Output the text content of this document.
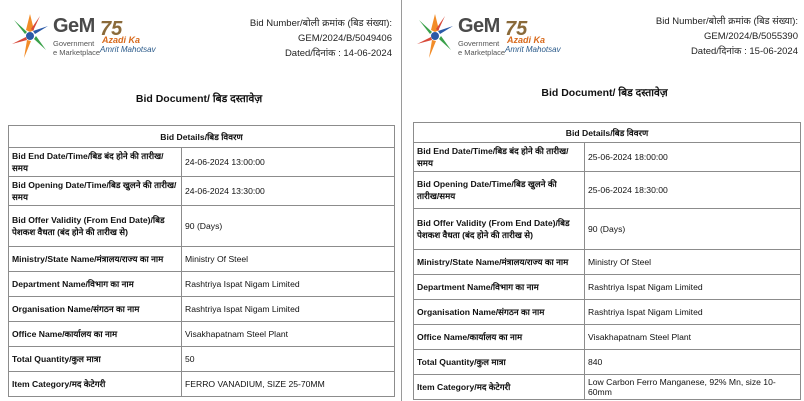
GeM
Government
e Marketplace
75
Azadi Ka
Amrit Mahotsav
Bid Number/बोली क्रमांक (बिड संख्या):
GEM/2024/B/5049406
Dated/दिनांक : 14-06-2024
Bid Document/ बिड दस्तावेज़
Bid Details/बिड विवरण	
Bid End Date/Time/बिड बंद होने की तारीख/समय	24-06-2024 13:00:00
Bid Opening Date/Time/बिड खुलने की तारीख/समय	24-06-2024 13:30:00
Bid Offer Validity (From End Date)/बिड पेशकश वैधता (बंद होने की तारीख से)	90 (Days)
Ministry/State Name/मंत्रालय/राज्य का नाम	Ministry Of Steel
Department Name/विभाग का नाम	Rashtriya Ispat Nigam Limited
Organisation Name/संगठन का नाम	Rashtriya Ispat Nigam Limited
Office Name/कार्यालय का नाम	Visakhapatnam Steel Plant
Total Quantity/कुल मात्रा	50
Item Category/मद केटेगरी	FERRO VANADIUM, SIZE 25-70MM
GeM
Government
e Marketplace
75
Azadi Ka
Amrit Mahotsav
Bid Number/बोली क्रमांक (बिड संख्या):
GEM/2024/B/5055390
Dated/दिनांक : 15-06-2024
Bid Document/ बिड दस्तावेज़
Bid Details/बिड विवरण	
Bid End Date/Time/बिड बंद होने की तारीख/समय	25-06-2024 18:00:00
Bid Opening Date/Time/बिड खुलने की तारीख/समय	25-06-2024 18:30:00
Bid Offer Validity (From End Date)/बिड पेशकश वैधता (बंद होने की तारीख से)	90 (Days)
Ministry/State Name/मंत्रालय/राज्य का नाम	Ministry Of Steel
Department Name/विभाग का नाम	Rashtriya Ispat Nigam Limited
Organisation Name/संगठन का नाम	Rashtriya Ispat Nigam Limited
Office Name/कार्यालय का नाम	Visakhapatnam Steel Plant
Total Quantity/कुल मात्रा	840
Item Category/मद केटेगरी	Low Carbon Ferro Manganese, 92% Mn, size 10-60mm
